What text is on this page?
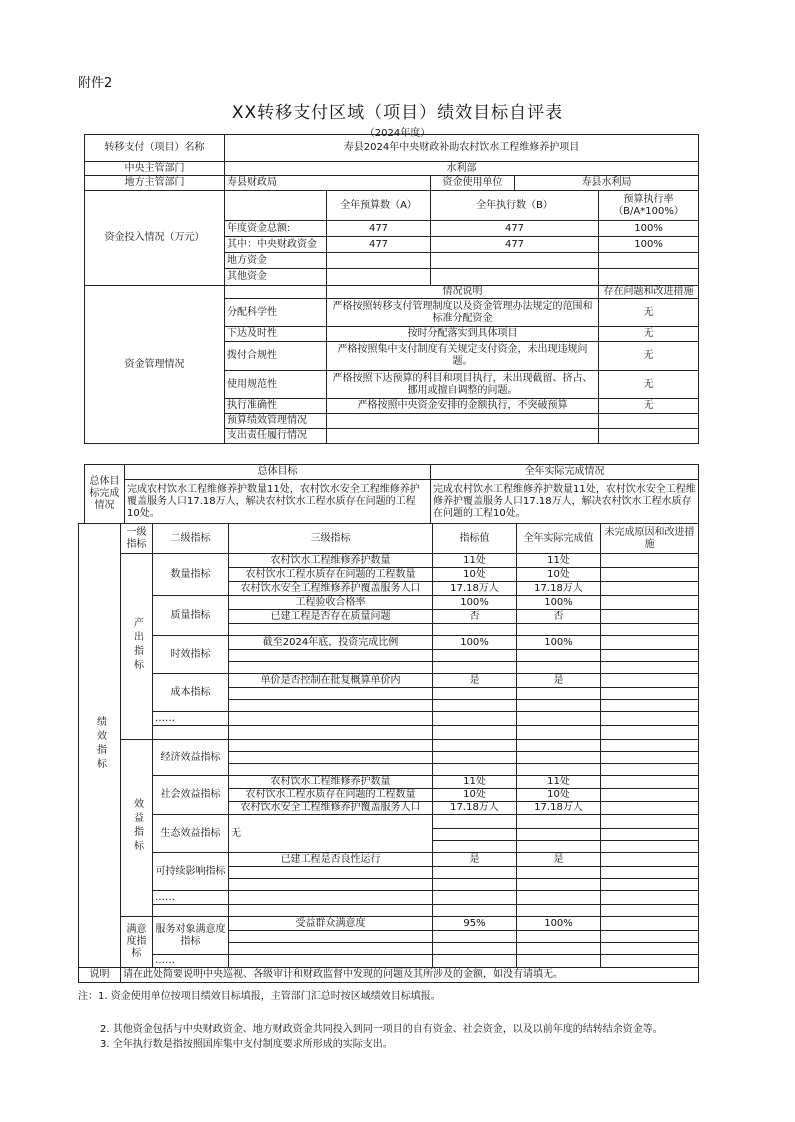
附件2
XX转移支付区域（项目）绩效目标自评表
（2024年度）
转移支付（项目）名称	寿县2024年中央财政补助农村饮水工程维修养护项目				
中央主管部门	水利部				
地方主管部门	寿县财政局		资金使用单位	寿县水利局	
资金投入情况（万元）		全年预算数（A）	全年执行数（B）		预算执行率（B/A*100%）
	年度资金总额:	477	477		100%
	其中：中央财政资金	477	477		100%
	地方资金				
	其他资金				
资金管理情况		情况说明			存在问题和改进措施
	分配科学性	严格按照转移支付管理制度以及资金管理办法规定的范围和标准分配资金			无
	下达及时性	按时分配落实到具体项目			无
	拨付合规性	严格按照集中支付制度有关规定支付资金，未出现违规问题。			无
	使用规范性	严格按照下达预算的科目和项目执行，未出现截留、挤占、挪用或擅自调整的问题。			无
	执行准确性	严格按照中央资金安排的金额执行，不突破预算			无
	预算绩效管理情况				
	支出责任履行情况				
总体目标完成情况	总体目标	全年实际完成情况
	完成农村饮水工程维修养护数量11处，农村饮水安全工程维修养护覆盖服务人口17.18万人，解决农村饮水工程水质存在问题的工程10处。	完成农村饮水工程维修养护数量11处，农村饮水安全工程维修养护覆盖服务人口17.18万人，解决农村饮水工程水质存在问题的工程10处。
绩效指标	一级指标	二级指标	三级指标	指标值	全年实际完成值	未完成原因和改进措施
	产出指标	数量指标	农村饮水工程维修养护数量	11处	11处	
			农村饮水工程水质存在问题的工程数量	10处	10处	
			农村饮水安全工程维修养护覆盖服务人口	17.18万人	17.18万人	
		质量指标	工程验收合格率	100%	100%	
			已建工程是否存在质量问题	否	否	

		时效指标	截至2024年底，投资完成比例	100%	100%	

		成本指标	单价是否控制在批复概算单价内	是	是	

		……				

	效益指标	经济效益指标				

		社会效益指标	农村饮水工程维修养护数量	11处	11处	
			农村饮水工程水质存在问题的工程数量	10处	10处	
			农村饮水安全工程维修养护覆盖服务人口	17.18万人	17.18万人	
		生态效益指标	无			

		可持续影响指标	已建工程是否良性运行	是	是	

		……				

	满意度指标	服务对象满意度指标	受益群众满意度	95%	100%	

		……				
说明	请在此处简要说明中央巡视、各级审计和财政监督中发现的问题及其所涉及的金额，如没有请填无。
注：1. 资金使用单位按项目绩效目标填报，主管部门汇总时按区域绩效目标填报。
2. 其他资金包括与中央财政资金、地方财政资金共同投入到同一项目的自有资金、社会资金，以及以前年度的结转结余资金等。
3. 全年执行数是指按照国库集中支付制度要求所形成的实际支出。
